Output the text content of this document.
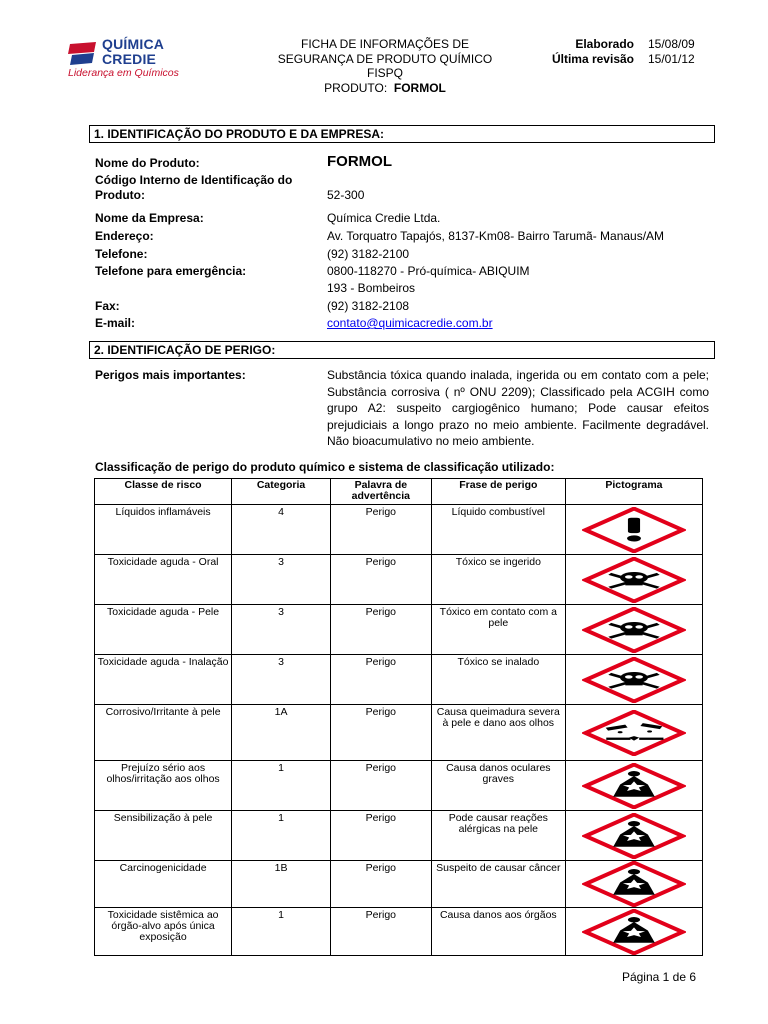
QUÍMICA
CREDIE
Liderança em Químicos
FICHA DE INFORMAÇÕES DE
SEGURANÇA DE PRODUTO QUÍMICO
FISPQ
PRODUTO: FORMOL
Elaborado 15/08/09
Última revisão 15/01/12
1. IDENTIFICAÇÃO DO PRODUTO E DA EMPRESA:
Nome do Produto:	FORMOL
Código Interno de Identificação do
Produto:	52-300
Nome da Empresa:	Química Credie Ltda.
Endereço:	Av. Torquatro Tapajós, 8137-Km08- Bairro Tarumã- Manaus/AM
Telefone:	(92) 3182-2100
Telefone para emergência:	0800-118270 - Pró-química- ABIQUIM
193 - Bombeiros
Fax:	(92) 3182-2108
E-mail:	contato@quimicacredie.com.br
2. IDENTIFICAÇÃO DE PERIGO:
Perigos mais importantes:	Substância tóxica quando inalada, ingerida ou em contato com a pele; Substância corrosiva ( nº ONU 2209); Classificado pela ACGIH como grupo A2: suspeito cargiogênico humano; Pode causar efeitos prejudiciais a longo prazo no meio ambiente. Facilmente degradável. Não bioacumulativo no meio ambiente.
Classificação de perigo do produto químico e sistema de classificação utilizado:
Classe de risco	Categoria	Palavra de advertência	Frase de perigo	Pictograma
Líquidos inflamáveis	4	Perigo	Líquido combustível	

Toxicidade aguda - Oral	3	Perigo	Tóxico se ingerido	

Toxicidade aguda - Pele	3	Perigo	Tóxico em contato com a pele	

Toxicidade aguda - Inalação	3	Perigo	Tóxico se inalado	

Corrosivo/Irritante à pele	1A	Perigo	Causa queimadura severa à pele e dano aos olhos	

Prejuízo sério aos olhos/irritação aos olhos	1	Perigo	Causa danos oculares graves	

Sensibilização à pele	1	Perigo	Pode causar reações alérgicas na pele	

Carcinogenicidade	1B	Perigo	Suspeito de causar câncer	

Toxicidade sistêmica ao órgão-alvo após única exposição	1	Perigo	Causa danos aos órgãos	
Página 1 de 6
